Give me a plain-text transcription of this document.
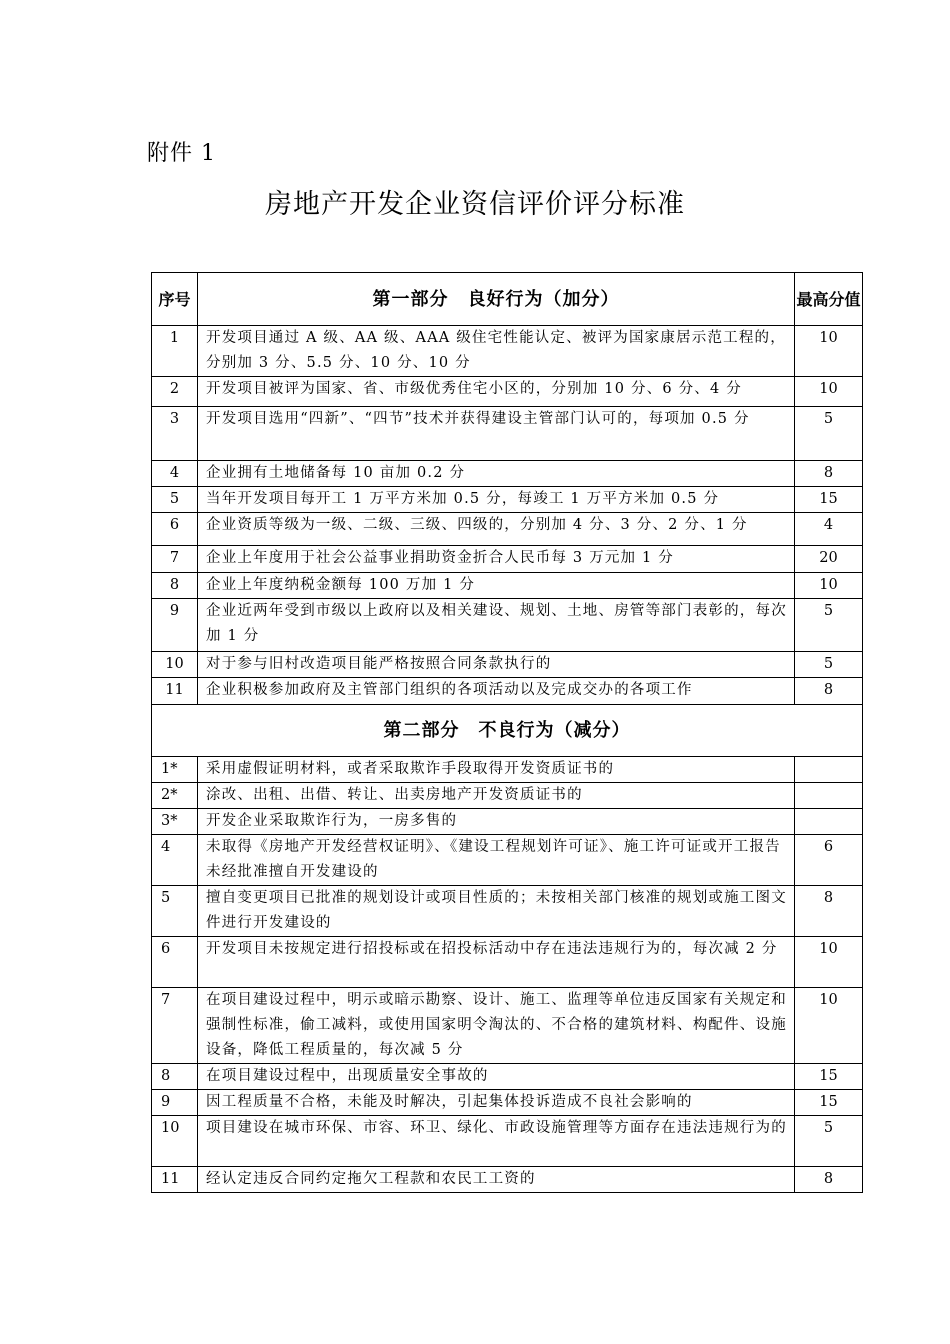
附件 1
房地产开发企业资信评价评分标准
序号	第一部分　良好行为（加分）	最高分值
1	开发项目通过 A 级、AA 级、AAA 级住宅性能认定、被评为国家康居示范工程的，分别加 3 分、5.5 分、10 分、10 分	10
2	开发项目被评为国家、省、市级优秀住宅小区的，分别加 10 分、6 分、4 分	10
3	开发项目选用“四新”、“四节”技术并获得建设主管部门认可的，每项加 0.5 分	5
4	企业拥有土地储备每 10 亩加 0.2 分	8
5	当年开发项目每开工 1 万平方米加 0.5 分，每竣工 1 万平方米加 0.5 分	15
6	企业资质等级为一级、二级、三级、四级的，分别加 4 分、3 分、2 分、1 分	4
7	企业上年度用于社会公益事业捐助资金折合人民币每 3 万元加 1 分	20
8	企业上年度纳税金额每 100 万加 1 分	10
9	企业近两年受到市级以上政府以及相关建设、规划、土地、房管等部门表彰的，每次加 1 分	5
10	对于参与旧村改造项目能严格按照合同条款执行的	5
11	企业积极参加政府及主管部门组织的各项活动以及完成交办的各项工作	8
第二部分　不良行为（减分）		
1*	采用虚假证明材料，或者采取欺诈手段取得开发资质证书的	
2*	涂改、出租、出借、转让、出卖房地产开发资质证书的	
3*	开发企业采取欺诈行为，一房多售的	
4	未取得《房地产开发经营权证明》、《建设工程规划许可证》、施工许可证或开工报告未经批准擅自开发建设的	6
5	擅自变更项目已批准的规划设计或项目性质的；未按相关部门核准的规划或施工图文件进行开发建设的	8
6	开发项目未按规定进行招投标或在招投标活动中存在违法违规行为的，每次减 2 分	10
7	在项目建设过程中，明示或暗示勘察、设计、施工、监理等单位违反国家有关规定和强制性标准，偷工减料，或使用国家明令淘汰的、不合格的建筑材料、构配件、设施设备，降低工程质量的，每次减 5 分	10
8	在项目建设过程中，出现质量安全事故的	15
9	因工程质量不合格，未能及时解决，引起集体投诉造成不良社会影响的	15
10	项目建设在城市环保、市容、环卫、绿化、市政设施管理等方面存在违法违规行为的	5
11	经认定违反合同约定拖欠工程款和农民工工资的	8
